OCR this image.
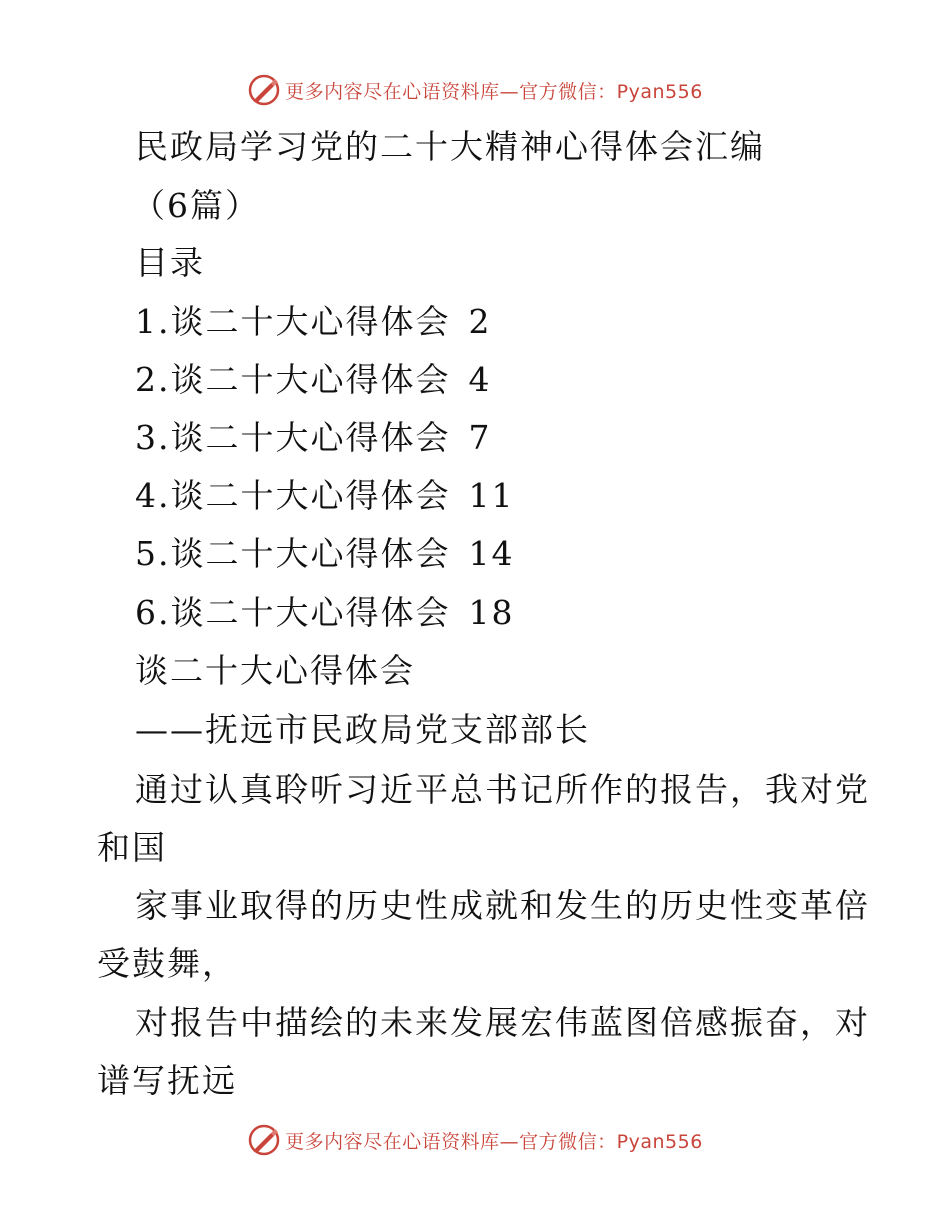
更多内容尽在心语资料库—官方微信：Pyan556
民政局学习党的二十大精神心得体会汇编
（6篇）
目录
1.谈二十大心得体会 2
2.谈二十大心得体会 4
3.谈二十大心得体会 7
4.谈二十大心得体会 11
5.谈二十大心得体会 14
6.谈二十大心得体会 18
谈二十大心得体会
——抚远市民政局党支部部长
通过认真聆听习近平总书记所作的报告，我对党
和国
家事业取得的历史性成就和发生的历史性变革倍
受鼓舞，
对报告中描绘的未来发展宏伟蓝图倍感振奋，对
谱写抚远
更多内容尽在心语资料库—官方微信：Pyan556
